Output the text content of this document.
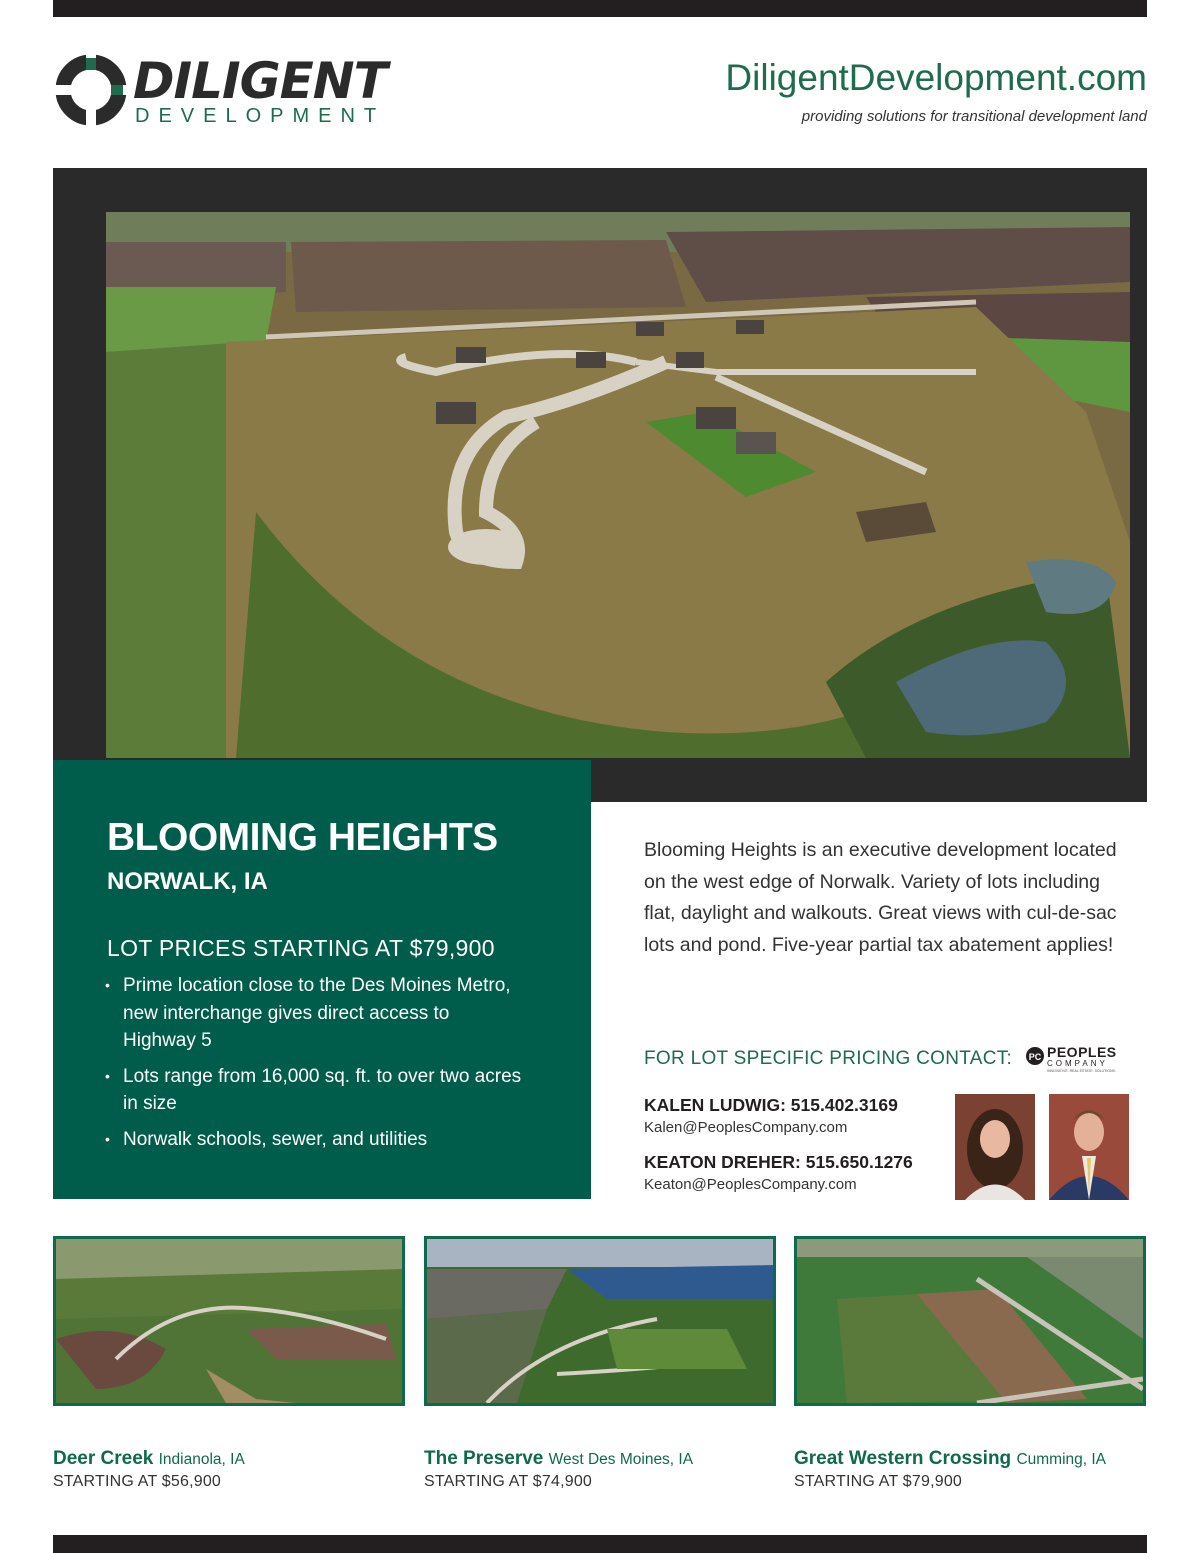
DILIGENT
DEVELOPMENT
DiligentDevelopment.com
providing solutions for transitional development land
BLOOMING HEIGHTS
NORWALK, IA
LOT PRICES STARTING AT $79,900
• Prime location close to the Des Moines Metro, new interchange gives direct access to Highway 5
• Lots range from 16,000 sq. ft. to over two acres in size
• Norwalk schools, sewer, and utilities
Blooming Heights is an executive development located on the west edge of Norwalk. Variety of lots including flat, daylight and walkouts. Great views with cul-de-sac lots and pond. Five-year partial tax abatement applies!
FOR LOT SPECIFIC PRICING CONTACT: PC PEOPLES
COMPANY
INNOVATIVE. REAL ESTATE. SOLUTIONS.
KALEN LUDWIG: 515.402.3169
Kalen@PeoplesCompany.com
KEATON DREHER: 515.650.1276
Keaton@PeoplesCompany.com
Deer Creek Indianola, IA
STARTING AT $56,900
The Preserve West Des Moines, IA
STARTING AT $74,900
Great Western Crossing Cumming, IA
STARTING AT $79,900
